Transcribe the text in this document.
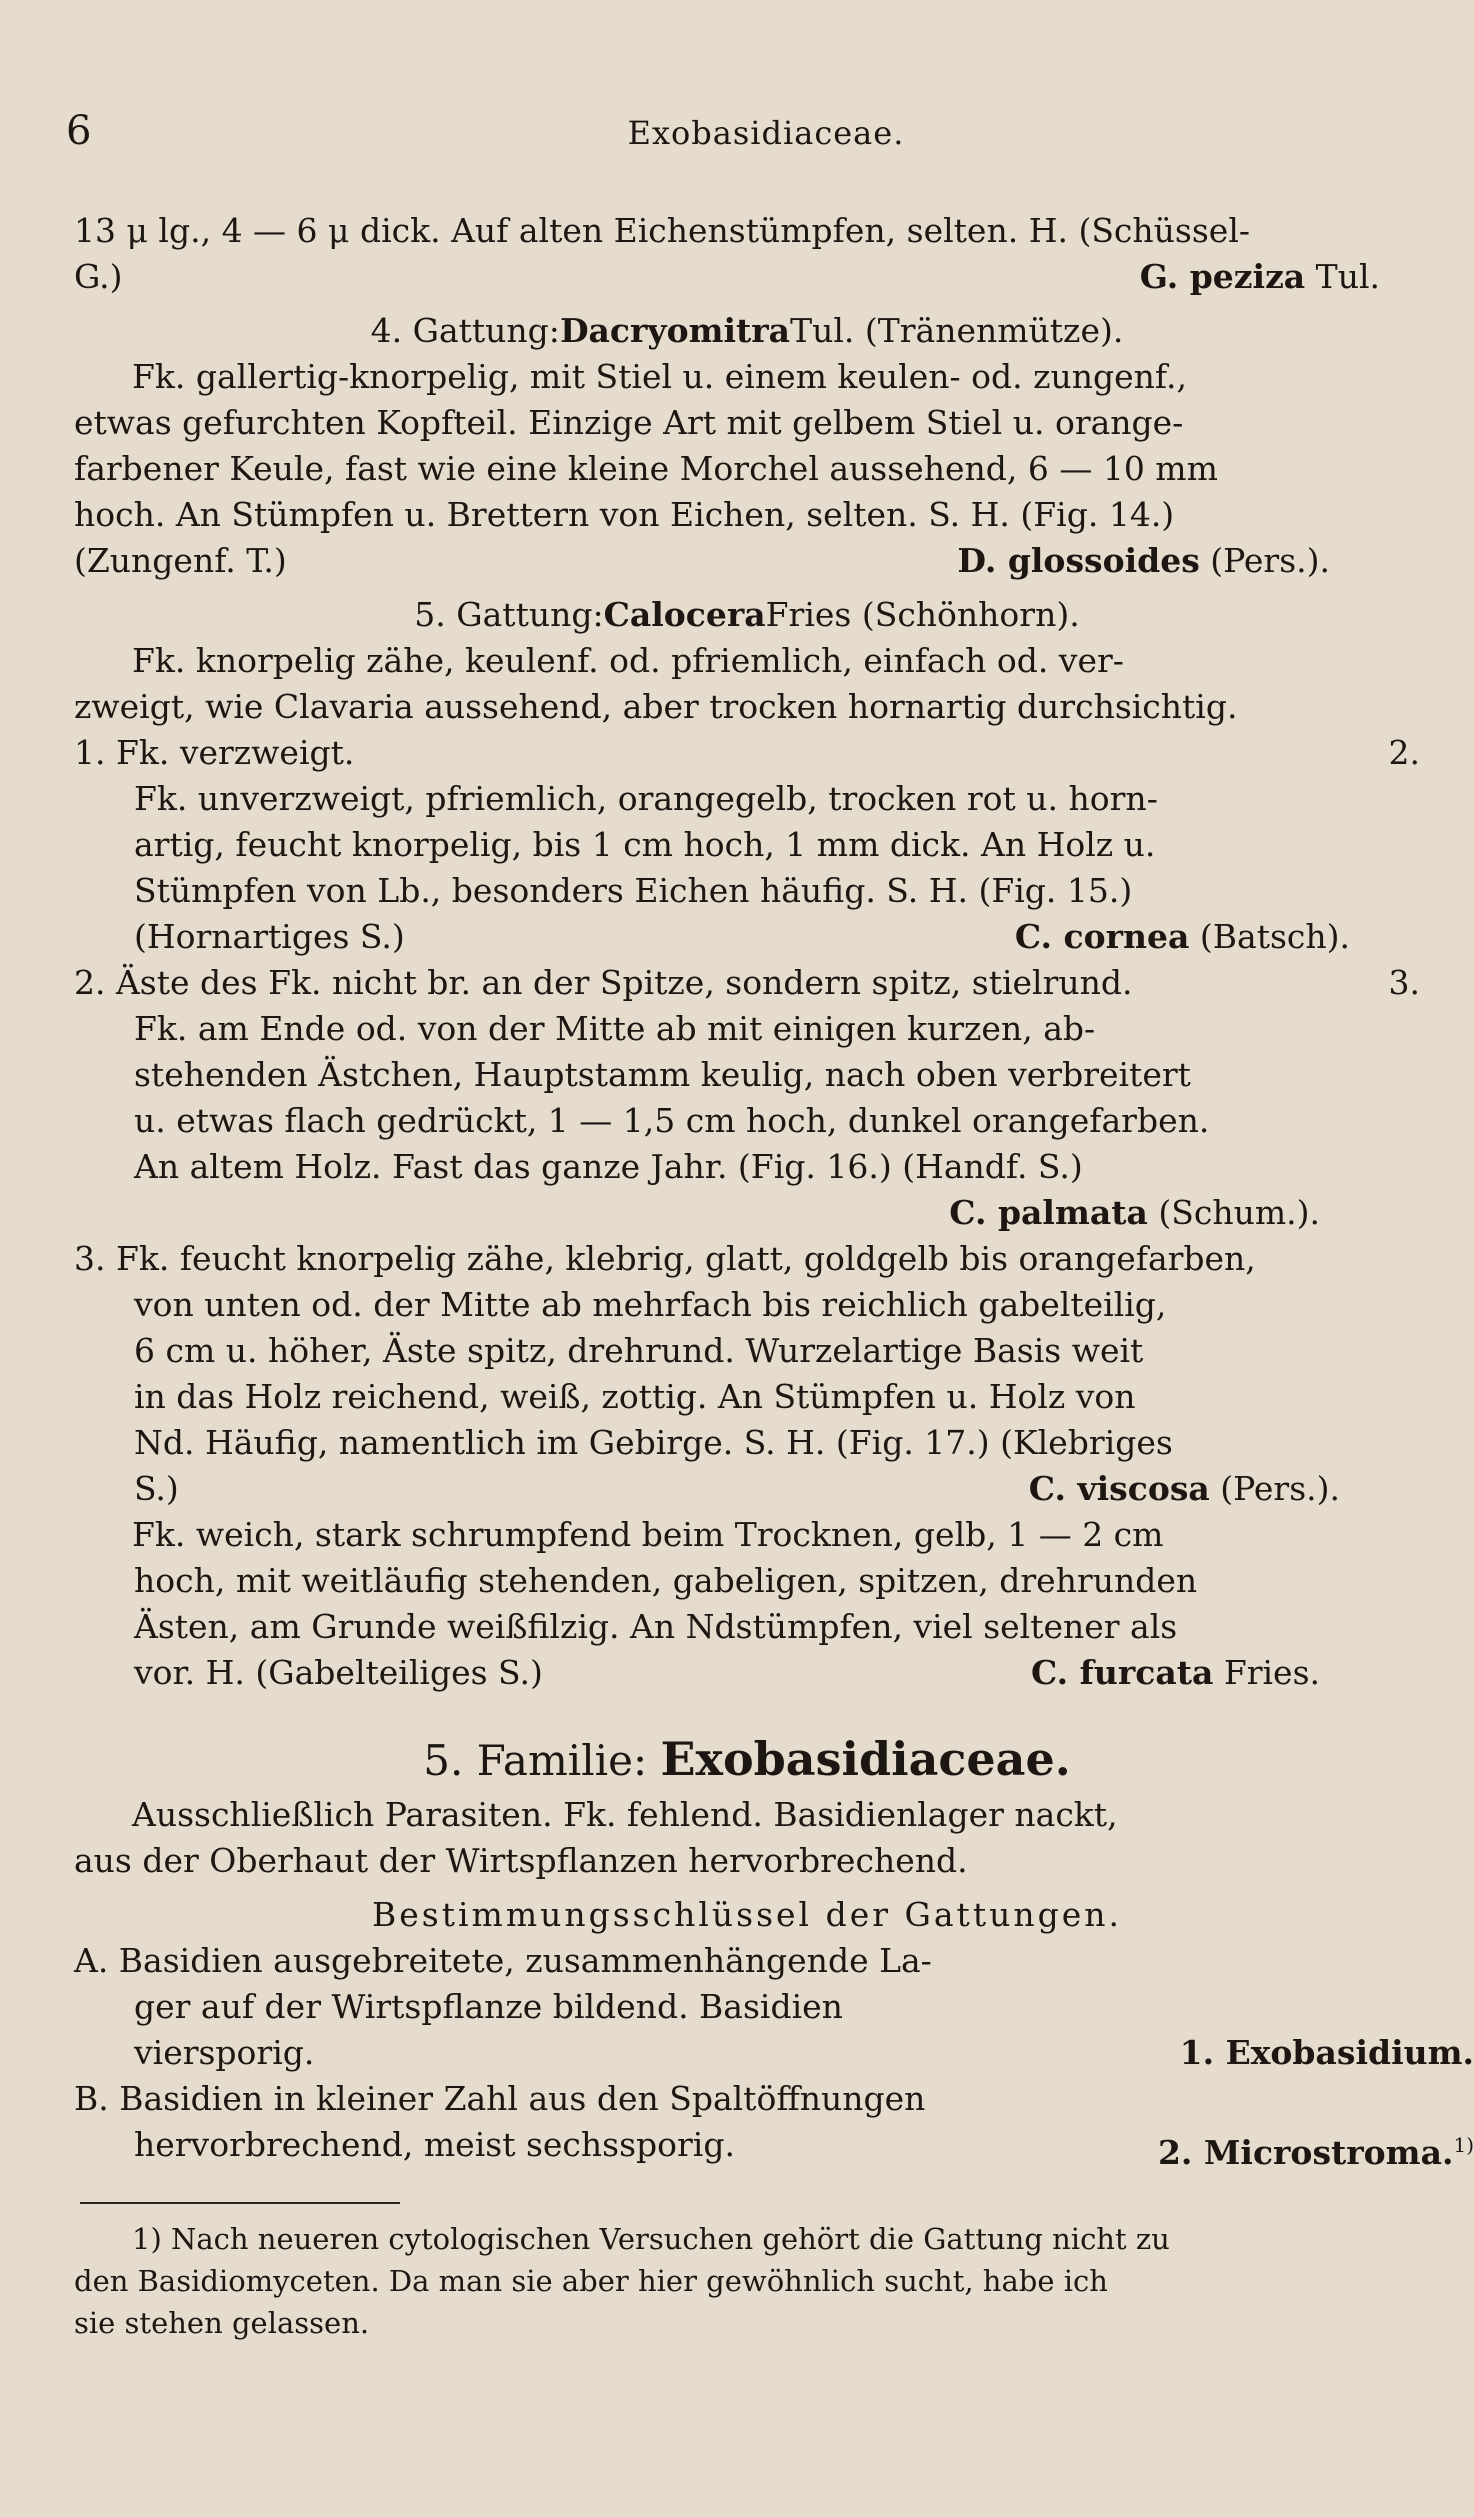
6	Exobasidiaceae.
13 μ lg., 4 — 6 μ dick. Auf alten Eichenstümpfen, selten. H. (Schüssel-
G.)	G. peziza Tul.
4. Gattung: Dacryomitra Tul. (Tränenmütze).
Fk. gallertig-knorpelig, mit Stiel u. einem keulen- od. zungenf.,
etwas gefurchten Kopfteil. Einzige Art mit gelbem Stiel u. orange-
farbener Keule, fast wie eine kleine Morchel aussehend, 6 — 10 mm
hoch. An Stümpfen u. Brettern von Eichen, selten. S. H. (Fig. 14.)
(Zungenf. T.)	D. glossoides (Pers.).
5. Gattung: Calocera Fries (Schönhorn).
Fk. knorpelig zähe, keulenf. od. pfriemlich, einfach od. ver-
zweigt, wie Clavaria aussehend, aber trocken hornartig durchsichtig.
1. Fk. verzweigt.	2.
Fk. unverzweigt, pfriemlich, orangegelb, trocken rot u. horn-
artig, feucht knorpelig, bis 1 cm hoch, 1 mm dick. An Holz u.
Stümpfen von Lb., besonders Eichen häufig. S. H. (Fig. 15.)
(Hornartiges S.)	C. cornea (Batsch).
2. Äste des Fk. nicht br. an der Spitze, sondern spitz, stielrund.	3.
Fk. am Ende od. von der Mitte ab mit einigen kurzen, ab-
stehenden Ästchen, Hauptstamm keulig, nach oben verbreitert
u. etwas flach gedrückt, 1 — 1,5 cm hoch, dunkel orangefarben.
An altem Holz. Fast das ganze Jahr. (Fig. 16.) (Handf. S.)
C. palmata (Schum.).
3. Fk. feucht knorpelig zähe, klebrig, glatt, goldgelb bis orangefarben,
von unten od. der Mitte ab mehrfach bis reichlich gabelteilig,
6 cm u. höher, Äste spitz, drehrund. Wurzelartige Basis weit
in das Holz reichend, weiß, zottig. An Stümpfen u. Holz von
Nd. Häufig, namentlich im Gebirge. S. H. (Fig. 17.) (Klebriges
S.)	C. viscosa (Pers.).
Fk. weich, stark schrumpfend beim Trocknen, gelb, 1 — 2 cm
hoch, mit weitläufig stehenden, gabeligen, spitzen, drehrunden
Ästen, am Grunde weißfilzig. An Ndstümpfen, viel seltener als
vor. H. (Gabelteiliges S.)	C. furcata Fries.
5. Familie: Exobasidiaceae.
Ausschließlich Parasiten. Fk. fehlend. Basidienlager nackt,
aus der Oberhaut der Wirtspflanzen hervorbrechend.
Bestimmungsschlüssel der Gattungen.
A. Basidien ausgebreitete, zusammenhängende La-
ger auf der Wirtspflanze bildend. Basidien
viersporig.	1. Exobasidium.
B. Basidien in kleiner Zahl aus den Spaltöffnungen
hervorbrechend, meist sechssporig.	2. Microstroma.$^{1)}$
1) Nach neueren cytologischen Versuchen gehört die Gattung nicht zu
den Basidiomyceten. Da man sie aber hier gewöhnlich sucht, habe ich
sie stehen gelassen.
